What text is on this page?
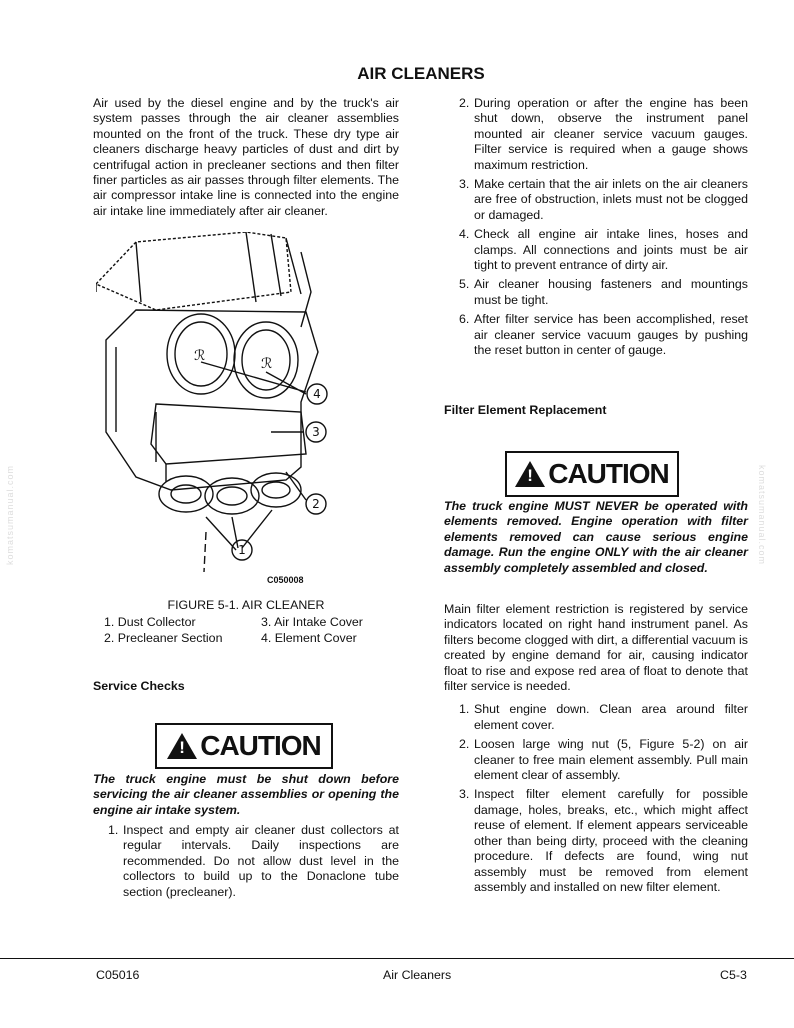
AIR CLEANERS

Air used by the diesel engine and by the truck's air system passes through the air cleaner assemblies mounted on the front of the truck. These dry type air cleaners discharge heavy particles of dust and dirt by centrifugal action in precleaner sections and then filter finer particles as air passes through filter elements. The air compressor intake line is connected into the engine air intake line immediately after air cleaner.

ℛ	ℛ
4
3
2
1
C050008
FIGURE 5-1. AIR CLEANER
1. Dust Collector	3. Air Intake Cover
2. Precleaner Section	4. Element Cover
Service Checks
!
CAUTION
The truck engine must be shut down before servicing the air cleaner assemblies or opening the engine air intake system.
1. Inspect and empty air cleaner dust collectors at regular intervals. Daily inspections are recommended. Do not allow dust level in the collectors to build up to the Donaclone tube section (precleaner).
2. During operation or after the engine has been shut down, observe the instrument panel mounted air cleaner service vacuum gauges. Filter service is required when a gauge shows maximum restriction.
3. Make certain that the air inlets on the air cleaners are free of obstruction, inlets must not be clogged or damaged.
4. Check all engine air intake lines, hoses and clamps. All connections and joints must be air tight to prevent entrance of dirty air.
5. Air cleaner housing fasteners and mountings must be tight.
6. After filter service has been accomplished, reset air cleaner service vacuum gauges by pushing the reset button in center of gauge.
Filter Element Replacement
!
CAUTION
The truck engine MUST NEVER be operated with elements removed. Engine operation with filter elements removed can cause serious engine damage. Run the engine ONLY with the air cleaner assembly completely assembled and closed.

Main filter element restriction is registered by service indicators located on right hand instrument panel. As filters become clogged with dirt, a differential vacuum is created by engine demand for air, causing indicator float to rise and expose red area of float to denote that filter service is needed.

1. Shut engine down. Clean area around filter element cover.
2. Loosen large wing nut (5, Figure 5-2) on air cleaner to free main element assembly. Pull main element clear of assembly.
3. Inspect filter element carefully for possible damage, holes, breaks, etc., which might affect reuse of element. If element appears serviceable other than being dirty, proceed with the cleaning procedure. If defects are found, wing nut assembly must be removed from element assembly and installed on new filter element.
komatsumanual.com	komatsumanual.com
C05016	Air Cleaners	C5-3
